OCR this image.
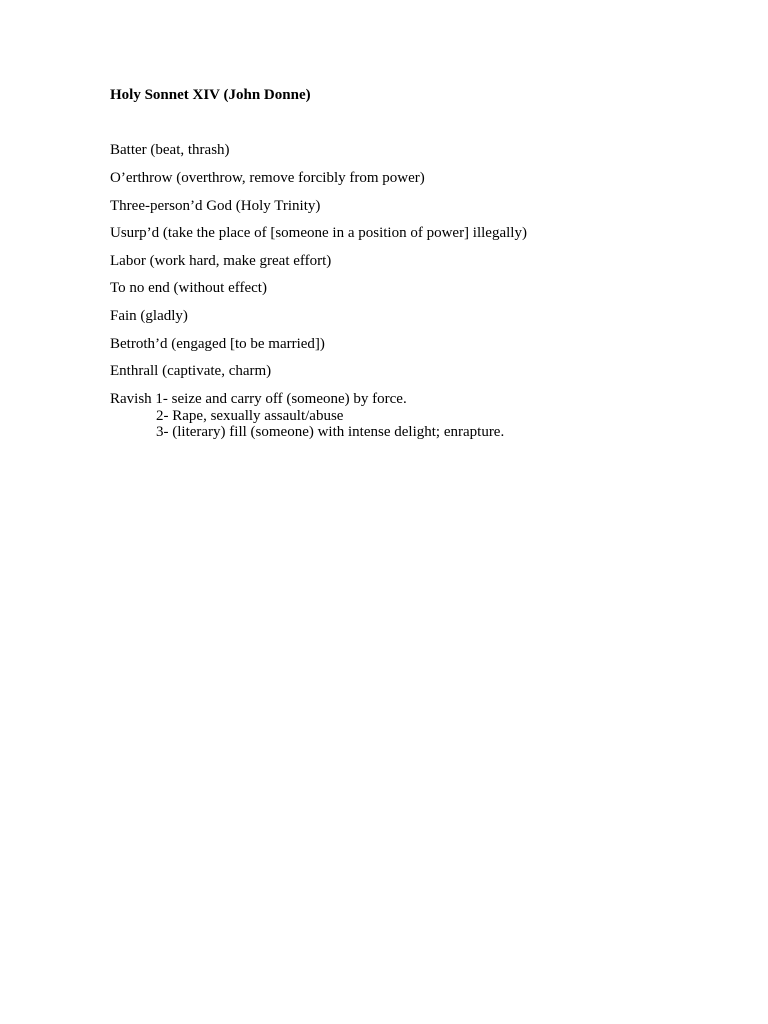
Holy Sonnet XIV (John Donne)
Batter (beat, thrash)
O’erthrow (overthrow, remove forcibly from power)
Three-person’d God (Holy Trinity)
Usurp’d (take the place of [someone in a position of power] illegally)
Labor (work hard, make great effort)
To no end (without effect)
Fain (gladly)
Betroth’d (engaged [to be married])
Enthrall (captivate, charm)
Ravish 1- seize and carry off (someone) by force.
2- Rape, sexually assault/abuse
3- (literary) fill (someone) with intense delight; enrapture.
